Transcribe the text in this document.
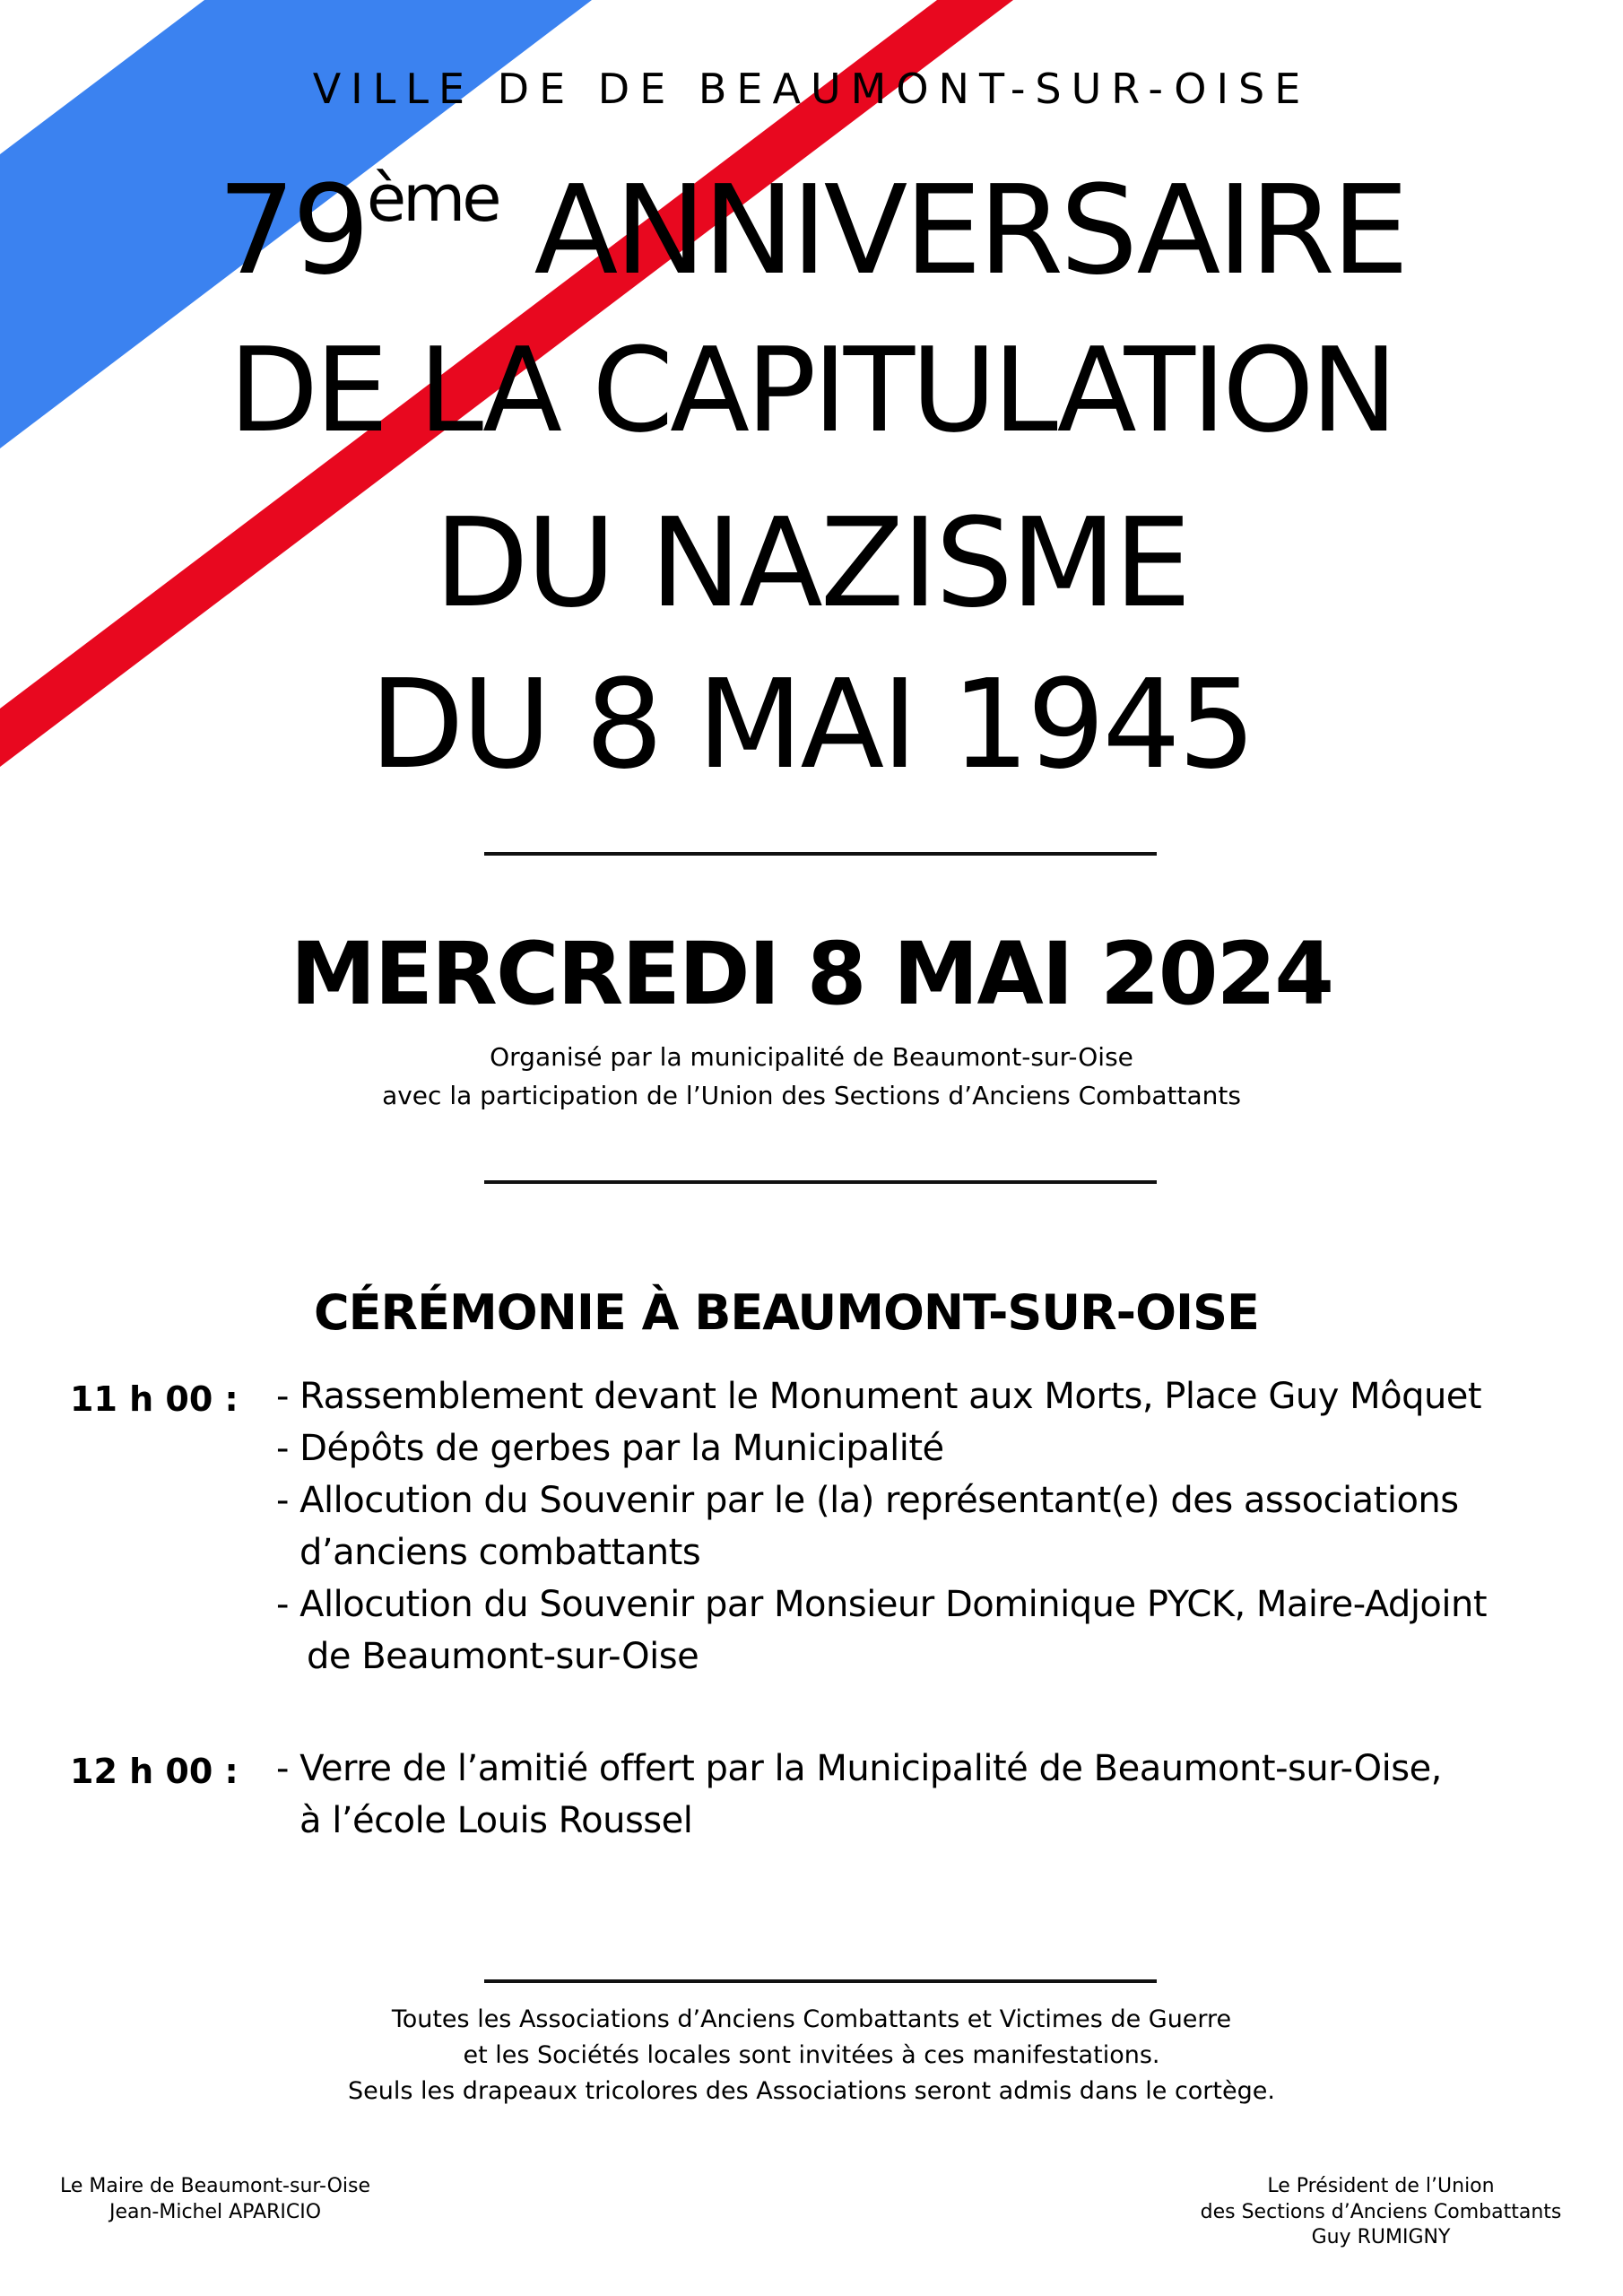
VILLE DE DE BEAUMONT-SUR-OISE
79ème ANNIVERSAIRE
DE LA CAPITULATION
DU NAZISME
DU 8 MAI 1945
MERCREDI 8 MAI 2024
Organisé par la municipalité de Beaumont-sur-Oise
avec la participation de l’Union des Sections d’Anciens Combattants
CÉRÉMONIE À BEAUMONT-SUR-OISE
11 h 00 : - Rassemblement devant le Monument aux Morts, Place Guy Môquet
- Dépôts de gerbes par la Municipalité
- Allocution du Souvenir par le (la) représentant(e) des associations
d’anciens combattants
- Allocution du Souvenir par Monsieur Dominique PYCK, Maire-Adjoint
de Beaumont-sur-Oise
12 h 00 : - Verre de l’amitié offert par la Municipalité de Beaumont-sur-Oise,
à l’école Louis Roussel
Toutes les Associations d’Anciens Combattants et Victimes de Guerre
et les Sociétés locales sont invitées à ces manifestations.
Seuls les drapeaux tricolores des Associations seront admis dans le cortège.
Le Maire de Beaumont-sur-Oise
Jean-Michel APARICIO
Le Président de l’Union
des Sections d’Anciens Combattants
Guy RUMIGNY
